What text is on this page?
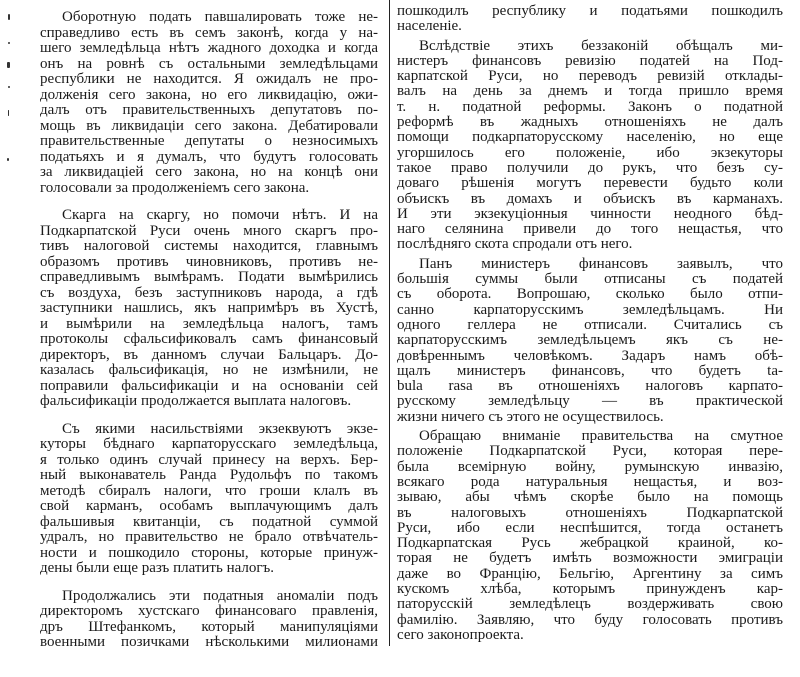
Оборотную подать павшалировать тоже не-
справедливо есть въ семъ законѣ, когда у на-
шего земледѣльца нѣтъ жадного доходка и когда
онъ на ровнѣ съ остальными земледѣльцами
республики не находится. Я ожидалъ не про-
долженія сего закона, но его ликвидацію, ожи-
далъ отъ правительственныхъ депутатовъ по-
мощь въ ликвидаціи сего закона. Дебатировали
правительственные депутаты о незносимыхъ
податьяхъ и я думалъ, что будутъ голосовать
за ликвидаціей сего закона, но на концѣ они
голосовали за продолженіемъ сего закона.
Скарга на скаргу, но помочи нѣтъ. И на
Подкарпатской Руси очень много скаргъ про-
тивъ налоговой системы находится, главнымъ
образомъ противъ чиновниковъ, противъ не-
справедливымъ вымѣрамъ. Подати вымѣрились
съ воздуха, безъ заступниковъ народа, а гдѣ
заступники нашлись, якъ напримѣръ въ Хустѣ,
и вымѣрили на земледѣльца налогъ, тамъ
протоколы сфальсификовалъ самъ финансовый
директоръ, въ данномъ случаи Бальцаръ. До-
казалась фальсификація, но не измѣнили, не
поправили фальсификаціи и на основаніи сей
фальсификаціи продолжается выплата налоговъ.
Съ якими насильствіями экзеквуютъ экзе-
куторы бѣднаго карпаторусскаго земледѣльца,
я только одинъ случай принесу на верхъ. Бер-
ный выконаватель Ранда Рудольфъ по такомъ
методѣ сбиралъ налоги, что гроши клалъ въ
свой карманъ, особамъ выплачующимъ далъ
фальшивыя квитанціи, съ податной суммой
удралъ, но правительство не брало отвѣчатель-
ности и пошкодило стороны, которые принуж-
дены были еще разъ платить налогъ.
Продолжались эти податныя аномаліи подъ
директоромъ хустскаго финансоваго правленія,
дръ Штефанкомъ, который манипуляціями
военными позичками нѣсколькими милионами
пошкодилъ республику и податьями пошкодилъ
населеніе.
Вслѣдствіе этихъ беззаконій обѣщалъ ми-
нистеръ финансовъ ревизію податей на Под-
карпатской Руси, но переводъ ревизій отклады-
валъ на день за днемъ и тогда пришло время
т. н. податной реформы. Законъ о податной
реформѣ въ жадныхъ отношеніяхъ не далъ
помощи подкарпаторусскому населенію, но еще
угоршилось его положеніе, ибо экзекуторы
такое право получили до рукъ, что безъ су-
доваго рѣшенія могутъ перевести будьто коли
объискъ въ домахъ и объискъ въ карманахъ.
И эти экзекуціонныя чинности неодного бѣд-
наго селянина привели до того нещастья, что
послѣдняго скота спродали отъ него.
Панъ министеръ финансовъ заявылъ, что
большія суммы были отписаны съ податей
съ оборота. Вопрошаю, сколько было отпи-
санно карпаторусскимъ земледѣльцамъ. Ни
одного геллера не отписали. Считались съ
карпаторусскимъ земледѣльцемъ якъ съ не-
довѣреннымъ человѣкомъ. Задаръ намъ обѣ-
щалъ министеръ финансовъ, что будетъ ta-
bula rasa въ отношеніяхъ налоговъ карпато-
русскому земледѣльцу — въ практической
жизни ничего съ этого не осуществилось.
Обращаю вниманіе правительства на смутное
положеніе Подкарпатской Руси, которая пере-
была всемірную войну, румынскую инвазію,
всякаго рода натуральныя нещастья, и воз-
зываю, абы чѣмъ скорѣе было на помощь
въ налоговыхъ отношеніяхъ Подкарпатской
Руси, ибо если неспѣшится, тогда останетъ
Подкарпатская Русь жебрацкой краиной, ко-
торая не будетъ имѣть возможности эмиграціи
даже во Францію, Бельгію, Аргентину за симъ
кускомъ хлѣба, которымъ принужденъ кар-
паторусскій земледѣлецъ воздерживать свою
фамилію. Заявляю, что буду голосовать противъ
сего законопроекта.
